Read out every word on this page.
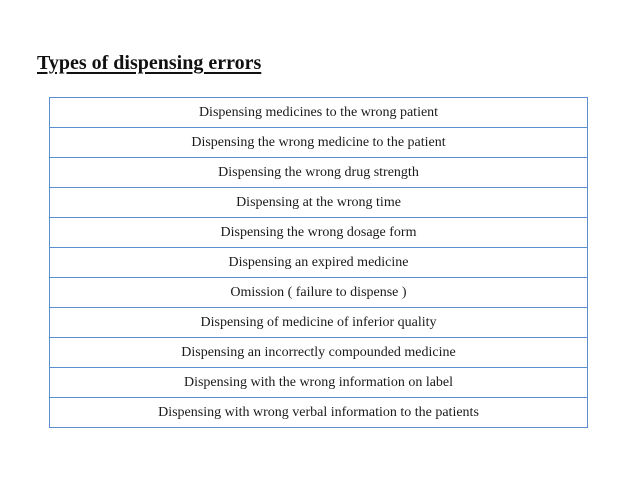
Types of dispensing errors
Dispensing medicines to the wrong patient
Dispensing the wrong medicine to the patient
Dispensing the wrong drug strength
Dispensing at the wrong time
Dispensing the wrong dosage form
Dispensing an expired medicine
Omission ( failure to dispense )
Dispensing of medicine of inferior quality
Dispensing an incorrectly compounded medicine
Dispensing with the wrong information on label
Dispensing with wrong verbal information to the patients
